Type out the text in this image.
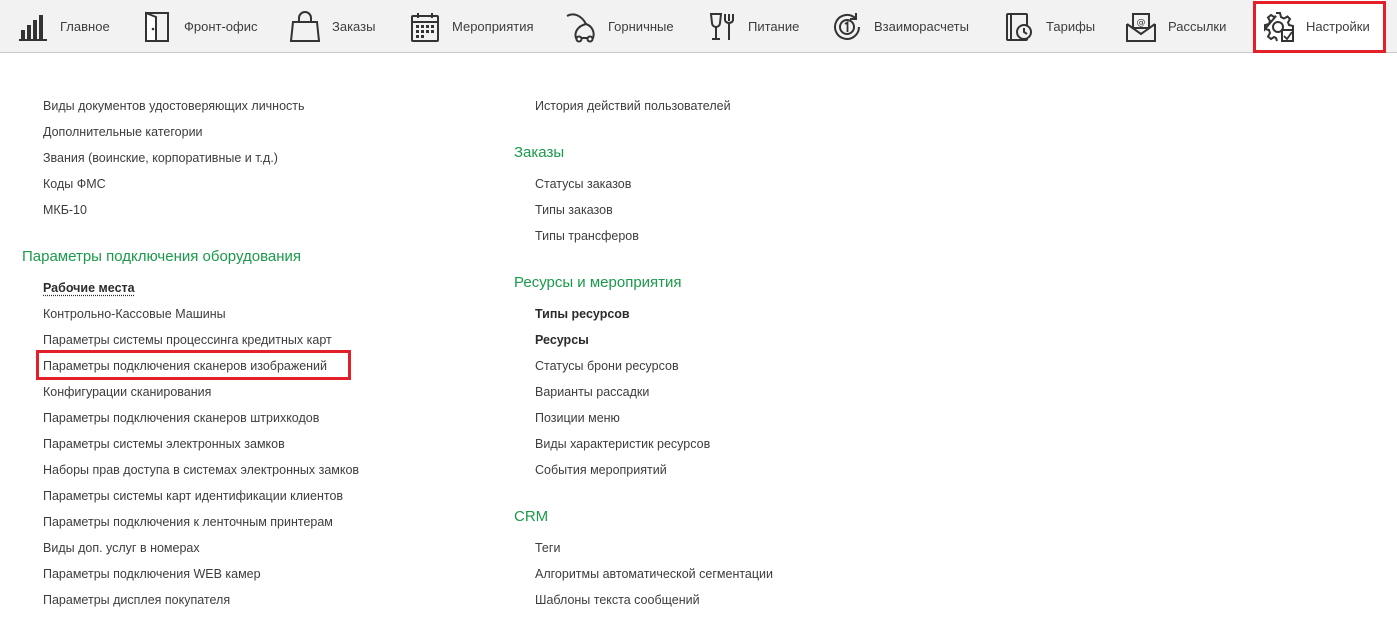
Главное	Фронт-офис	Заказы	Мероприятия	Горничные	Питание	Взаиморасчеты	Тарифы	@ Рассылки	Настройки
Виды документов удостоверяющих личность
Дополнительные категории
Звания (воинские, корпоративные и т.д.)
Коды ФМС
МКБ-10
Параметры подключения оборудования
Рабочие места
Контрольно-Кассовые Машины
Параметры системы процессинга кредитных карт
Параметры подключения сканеров изображений
Конфигурации сканирования
Параметры подключения сканеров штрихкодов
Параметры системы электронных замков
Наборы прав доступа в системах электронных замков
Параметры системы карт идентификации клиентов
Параметры подключения к ленточным принтерам
Виды доп. услуг в номерах
Параметры подключения WEB камер
Параметры дисплея покупателя
История действий пользователей
Заказы
Статусы заказов
Типы заказов
Типы трансферов
Ресурсы и мероприятия
Типы ресурсов
Ресурсы
Статусы брони ресурсов
Варианты рассадки
Позиции меню
Виды характеристик ресурсов
События мероприятий
CRM
Теги
Алгоритмы автоматической сегментации
Шаблоны текста сообщений
